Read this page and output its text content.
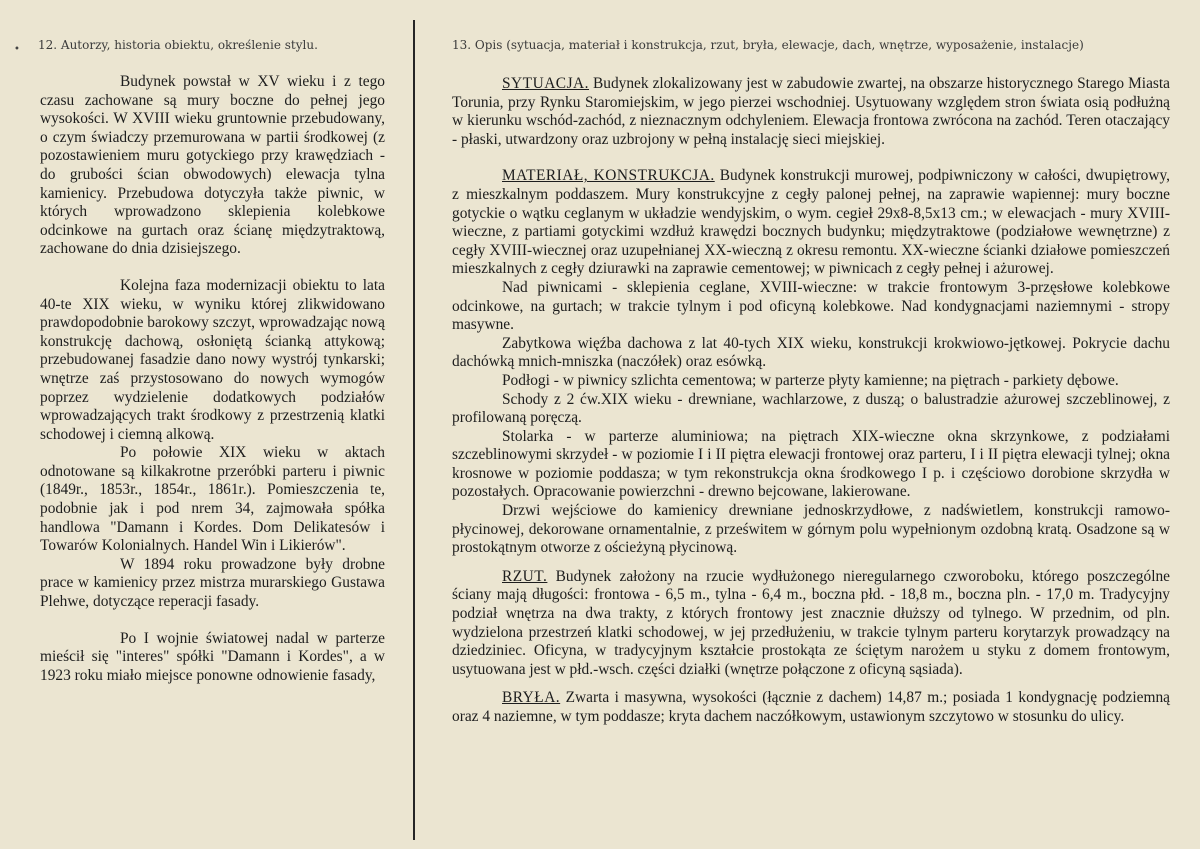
• 12. Autorzy, historia obiektu, określenie stylu.	13. Opis (sytuacja, materiał i konstrukcja, rzut, bryła, elewacje, dach, wnętrze, wyposażenie, instalacje)

Budynek powstał w XV wieku i z tego czasu zachowane są mury boczne do pełnej jego wysokości. W XVIII wieku gruntownie przebudowany, o czym świadczy przemurowana w partii środkowej (z pozostawieniem muru gotyckiego przy krawędziach - do grubości ścian obwodowych) elewacja tylna kamienicy. Przebudowa dotyczyła także piwnic, w których wprowadzono sklepienia kolebkowe odcinkowe na gurtach oraz ścianę międzytraktową, zachowane do dnia dzisiejszego.

Kolejna faza modernizacji obiektu to lata 40-te XIX wieku, w wyniku której zlikwidowano prawdopodobnie barokowy szczyt, wprowadzając nową konstrukcję dachową, osłoniętą ścianką attykową; przebudowanej fasadzie dano nowy wystrój tynkarski; wnętrze zaś przystosowano do nowych wymogów poprzez wydzielenie dodatkowych podziałów wprowadzających trakt środkowy z przestrzenią klatki schodowej i ciemną alkową.

Po połowie XIX wieku w aktach odnotowane są kilkakrotne przeróbki parteru i piwnic (1849r., 1853r., 1854r., 1861r.). Pomieszczenia te, podobnie jak i pod nrem 34, zajmowała spółka handlowa "Damann i Kordes. Dom Delikatesów i Towarów Kolonialnych. Handel Win i Likierów".

W 1894 roku prowadzone były drobne prace w kamienicy przez mistrza murarskiego Gustawa Plehwe, dotyczące reperacji fasady.

Po I wojnie światowej nadal w parterze mieścił się "interes" spółki "Damann i Kordes", a w 1923 roku miało miejsce ponowne odnowienie fasady,

SYTUACJA. Budynek zlokalizowany jest w zabudowie zwartej, na obszarze historycznego Starego Miasta Torunia, przy Rynku Staromiejskim, w jego pierzei wschodniej. Usytuowany względem stron świata osią podłużną w kierunku wschód-zachód, z nieznacznym odchyleniem. Elewacja frontowa zwrócona na zachód. Teren otaczający - płaski, utwardzony oraz uzbrojony w pełną instalację sieci miejskiej.

MATERIAŁ, KONSTRUKCJA. Budynek konstrukcji murowej, podpiwniczony w całości, dwupiętrowy, z mieszkalnym poddaszem. Mury konstrukcyjne z cegły palonej pełnej, na zaprawie wapiennej: mury boczne gotyckie o wątku ceglanym w układzie wendyjskim, o wym. cegieł 29x8-8,5x13 cm.; w elewacjach - mury XVIII-wieczne, z partiami gotyckimi wzdłuż krawędzi bocznych budynku; międzytraktowe (podziałowe wewnętrzne) z cegły XVIII-wiecznej oraz uzupełnianej XX-wieczną z okresu remontu. XX-wieczne ścianki działowe pomieszczeń mieszkalnych z cegły dziurawki na zaprawie cementowej; w piwnicach z cegły pełnej i ażurowej.

Nad piwnicami - sklepienia ceglane, XVIII-wieczne: w trakcie frontowym 3-przęsłowe kolebkowe odcinkowe, na gurtach; w trakcie tylnym i pod oficyną kolebkowe. Nad kondygnacjami naziemnymi - stropy masywne.

Zabytkowa więźba dachowa z lat 40-tych XIX wieku, konstrukcji krokwiowo-jętkowej. Pokrycie dachu dachówką mnich-mniszka (naczółek) oraz esówką.

Podłogi - w piwnicy szlichta cementowa; w parterze płyty kamienne; na piętrach - parkiety dębowe.

Schody z 2 ćw.XIX wieku - drewniane, wachlarzowe, z duszą; o balustradzie ażurowej szczeblinowej, z profilowaną poręczą.

Stolarka - w parterze aluminiowa; na piętrach XIX-wieczne okna skrzynkowe, z podziałami szczeblinowymi skrzydeł - w poziomie I i II piętra elewacji frontowej oraz parteru, I i II piętra elewacji tylnej; okna krosnowe w poziomie poddasza; w tym rekonstrukcja okna środkowego I p. i częściowo dorobione skrzydła w pozostałych. Opracowanie powierzchni - drewno bejcowane, lakierowane.

Drzwi wejściowe do kamienicy drewniane jednoskrzydłowe, z nadświetlem, konstrukcji ramowo-płycinowej, dekorowane ornamentalnie, z prześwitem w górnym polu wypełnionym ozdobną kratą. Osadzone są w prostokątnym otworze z ościeżyną płycinową.

RZUT. Budynek założony na rzucie wydłużonego nieregularnego czworoboku, którego poszczególne ściany mają długości: frontowa - 6,5 m., tylna - 6,4 m., boczna płd. - 18,8 m., boczna pln. - 17,0 m. Tradycyjny podział wnętrza na dwa trakty, z których frontowy jest znacznie dłuższy od tylnego. W przednim, od pln. wydzielona przestrzeń klatki schodowej, w jej przedłużeniu, w trakcie tylnym parteru korytarzyk prowadzący na dziedziniec. Oficyna, w tradycyjnym kształcie prostokąta ze ściętym narożem u styku z domem frontowym, usytuowana jest w płd.-wsch. części działki (wnętrze połączone z oficyną sąsiada).

BRYŁA. Zwarta i masywna, wysokości (łącznie z dachem) 14,87 m.; posiada 1 kondygnację podziemną oraz 4 naziemne, w tym poddasze; kryta dachem naczółkowym, ustawionym szczytowo w stosunku do ulicy.
